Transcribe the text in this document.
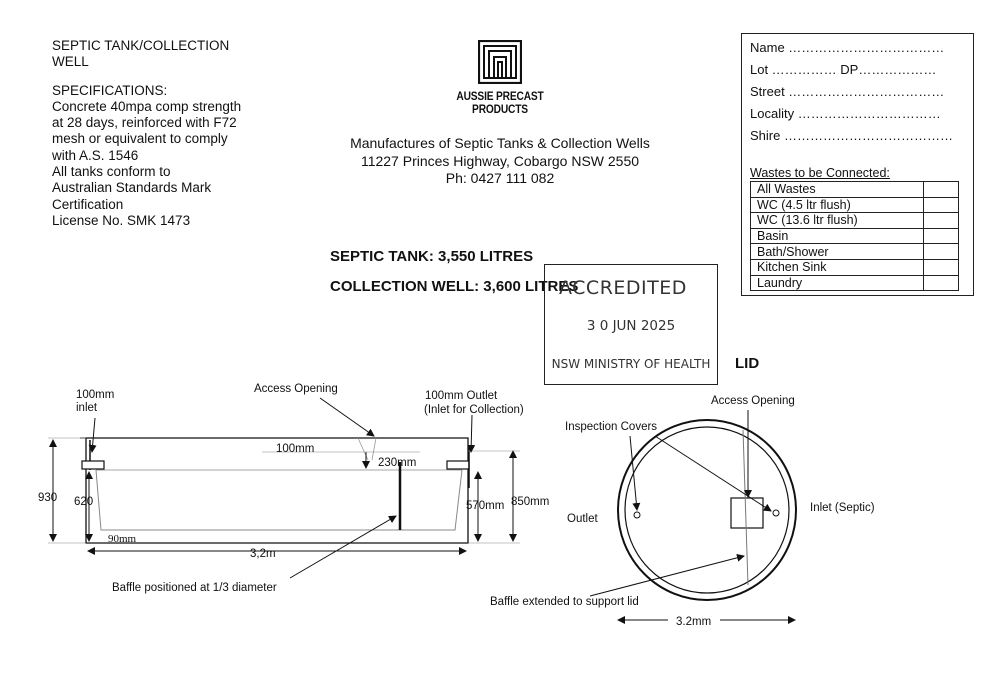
SEPTIC TANK/COLLECTION

WELL

SPECIFICATIONS:

Concrete 40mpa comp strength

at 28 days, reinforced with F72

mesh or equivalent to comply

with A.S. 1546

All tanks conform to

Australian Standards Mark

Certification

License No. SMK 1473

AUSSIE PRECAST
PRODUCTS
Manufactures of Septic Tanks & Collection Wells
11227 Princes Highway, Cobargo NSW 2550
Ph: 0427 111 082
SEPTIC TANK: 3,550 LITRES
COLLECTION WELL: 3,600 LITRES
Name ………………………………
Lot …………… DP………………
Street ………………………………
Locality ……………………………
Shire …………………………………
Wastes to be Connected:
All Wastes	
WC (4.5 ltr flush)	
WC (13.6 ltr flush)	
Basin	
Bath/Shower	
Kitchen Sink	
Laundry	
ACCREDITED
3 0 JUN 2025
NSW MINISTRY OF HEALTH	LID
100mm inlet
Access Opening
100mm Outlet
(Inlet for Collection)
100mm
230mm
930 620	570mm 850mm
90mm
3,2m
Baffle positioned at 1/3 diameter
Access Opening
Inspection Covers
Outlet
Inlet (Septic)
Baffle extended to support lid
3.2mm
